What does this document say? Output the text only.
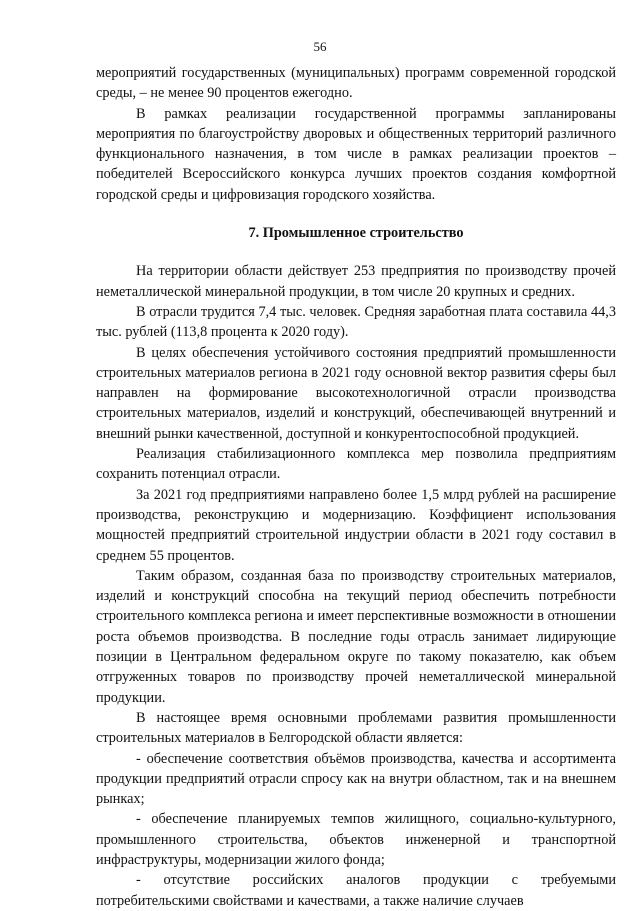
56

мероприятий государственных (муниципальных) программ современной городской среды, – не менее 90 процентов ежегодно.

В рамках реализации государственной программы запланированы мероприятия по благоустройству дворовых и общественных территорий различного функционального назначения, в том числе в рамках реализации проектов – победителей Всероссийского конкурса лучших проектов создания комфортной городской среды и цифровизация городского хозяйства.

7. Промышленное строительство

На территории области действует 253 предприятия по производству прочей неметаллической минеральной продукции, в том числе 20 крупных и средних.

В отрасли трудится 7,4 тыс. человек. Средняя заработная плата составила 44,3 тыс. рублей (113,8 процента к 2020 году).

В целях обеспечения устойчивого состояния предприятий промышленности строительных материалов региона в 2021 году основной вектор развития сферы был направлен на формирование высокотехнологичной отрасли производства строительных материалов, изделий и конструкций, обеспечивающей внутренний и внешний рынки качественной, доступной и конкурентоспособной продукцией.

Реализация стабилизационного комплекса мер позволила предприятиям сохранить потенциал отрасли.

За 2021 год предприятиями направлено более 1,5 млрд рублей на расширение производства, реконструкцию и модернизацию. Коэффициент использования мощностей предприятий строительной индустрии области в 2021 году составил в среднем 55 процентов.

Таким образом, созданная база по производству строительных материалов, изделий и конструкций способна на текущий период обеспечить потребности строительного комплекса региона и имеет перспективные возможности в отношении роста объемов производства. В последние годы отрасль занимает лидирующие позиции в Центральном федеральном округе по такому показателю, как объем отгруженных товаров по производству прочей неметаллической минеральной продукции.

В настоящее время основными проблемами развития промышленности строительных материалов в Белгородской области является:

- обеспечение соответствия объёмов производства, качества и ассортимента продукции предприятий отрасли спросу как на внутри областном, так и на внешнем рынках;

- обеспечение планируемых темпов жилищного, социально-культурного, промышленного строительства, объектов инженерной и транспортной инфраструктуры, модернизации жилого фонда;

- отсутствие российских аналогов продукции с требуемыми потребительскими свойствами и качествами, а также наличие случаев
